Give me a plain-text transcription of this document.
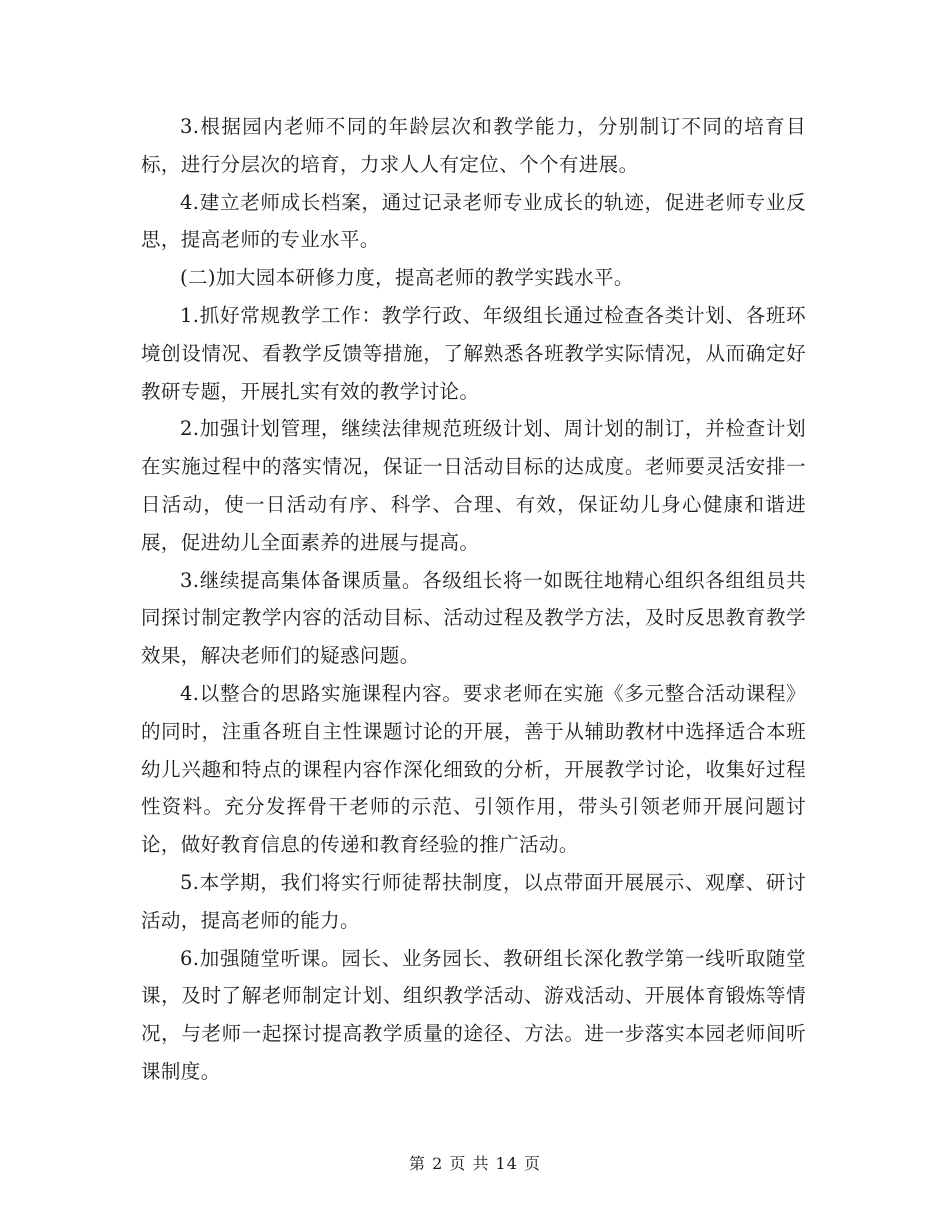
3.根据园内老师不同的年龄层次和教学能力，分别制订不同的培育目标，进行分层次的培育，力求人人有定位、个个有进展。

4.建立老师成长档案，通过记录老师专业成长的轨迹，促进老师专业反思，提高老师的专业水平。

(二)加大园本研修力度，提高老师的教学实践水平。

1.抓好常规教学工作：教学行政、年级组长通过检查各类计划、各班环境创设情况、看教学反馈等措施，了解熟悉各班教学实际情况，从而确定好教研专题，开展扎实有效的教学讨论。

2.加强计划管理，继续法律规范班级计划、周计划的制订，并检查计划在实施过程中的落实情况，保证一日活动目标的达成度。老师要灵活安排一日活动，使一日活动有序、科学、合理、有效，保证幼儿身心健康和谐进展，促进幼儿全面素养的进展与提高。

3.继续提高集体备课质量。各级组长将一如既往地精心组织各组组员共同探讨制定教学内容的活动目标、活动过程及教学方法，及时反思教育教学效果，解决老师们的疑惑问题。

4.以整合的思路实施课程内容。要求老师在实施《多元整合活动课程》的同时，注重各班自主性课题讨论的开展，善于从辅助教材中选择适合本班幼儿兴趣和特点的课程内容作深化细致的分析，开展教学讨论，收集好过程性资料。充分发挥骨干老师的示范、引领作用，带头引领老师开展问题讨论，做好教育信息的传递和教育经验的推广活动。

5.本学期，我们将实行师徒帮扶制度，以点带面开展展示、观摩、研讨活动，提高老师的能力。

6.加强随堂听课。园长、业务园长、教研组长深化教学第一线听取随堂课，及时了解老师制定计划、组织教学活动、游戏活动、开展体育锻炼等情况，与老师一起探讨提高教学质量的途径、方法。进一步落实本园老师间听课制度。

第 2 页 共 14 页
